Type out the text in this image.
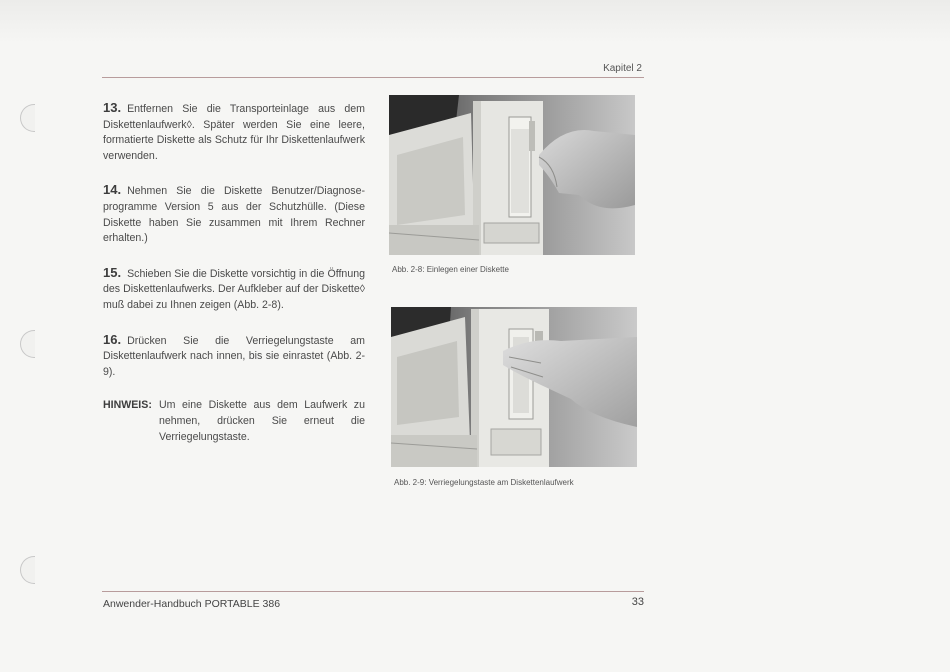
Kapitel 2

13. Entfernen Sie die Transporteinlage aus dem Diskettenlaufwerk◊. Später werden Sie eine leere, formatierte Diskette als Schutz für Ihr Diskettenlaufwerk verwenden.

14. Nehmen Sie die Diskette Benutzer/Diagnose-programme Version 5 aus der Schutzhülle. (Diese Diskette haben Sie zusammen mit Ihrem Rechner erhalten.)

15. Schieben Sie die Diskette vorsichtig in die Öffnung des Diskettenlaufwerks. Der Aufkleber auf der Diskette◊ muß dabei zu Ihnen zeigen (Abb. 2-8).

16. Drücken Sie die Verriegelungstaste am Diskettenlaufwerk nach innen, bis sie einrastet (Abb. 2-9).

HINWEIS: Um eine Diskette aus dem Laufwerk zu nehmen, drücken Sie erneut die Verriegelungstaste.
Abb. 2-8: Einlegen einer Diskette
Abb. 2-9: Verriegelungstaste am Diskettenlaufwerk
Anwender-Handbuch PORTABLE 386	33
